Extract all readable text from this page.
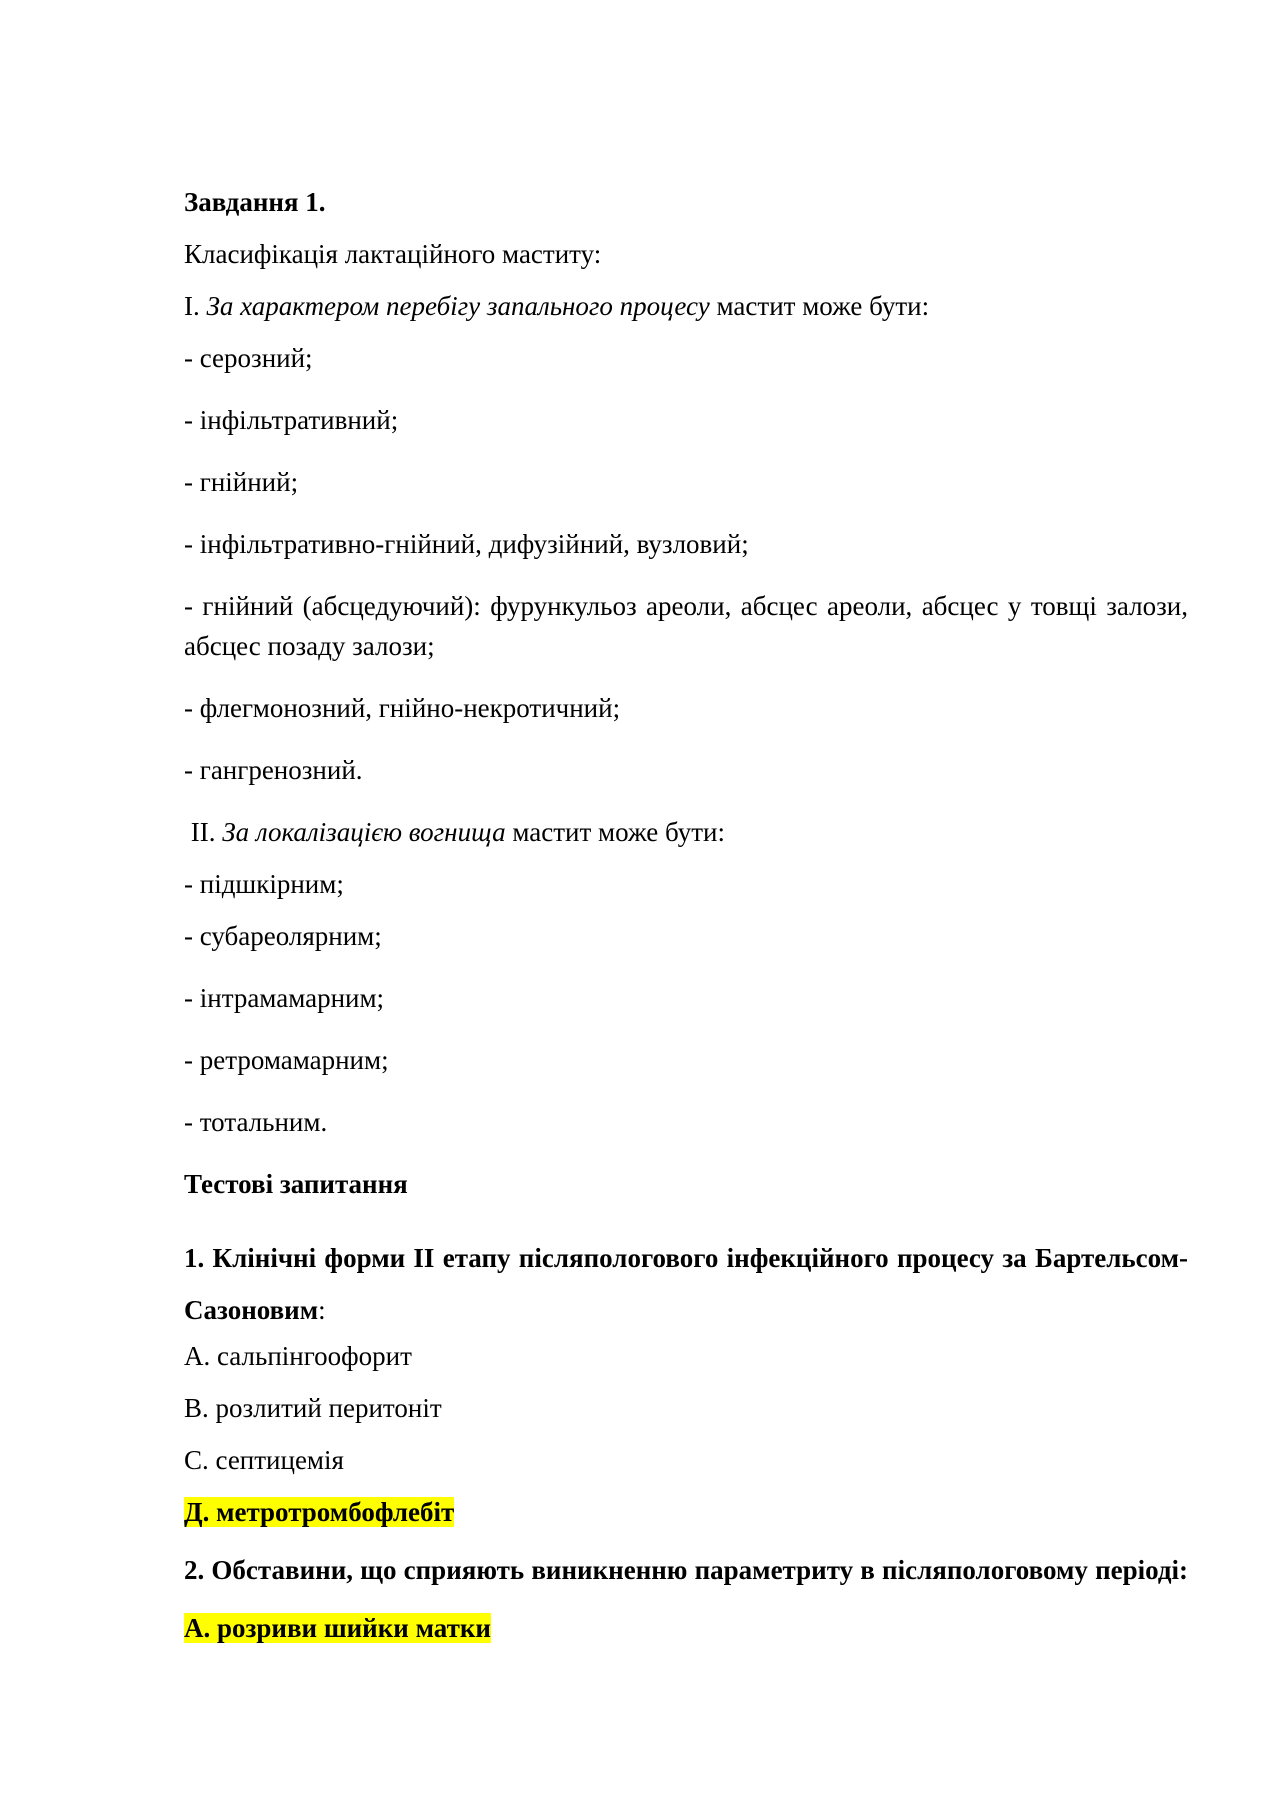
Завдання 1.

Класифікація лактаційного маститу:

I. За характером перебігу запального процесу мастит може бути:

- серозний;

- інфільтративний;

- гнійний;

- інфільтративно-гнійний, дифузійний, вузловий;

- гнійний (абсцедуючий): фурункульоз ареоли, абсцес ареоли, абсцес у товщі залози, абсцес позаду залози;

- флегмонозний, гнійно-некротичний;

- гангренозний.

II. За локалізацією вогнища мастит може бути:

- підшкірним;

- субареолярним;

- інтрамамарним;

- ретромамарним;

- тотальним.

Тестові запитання

1. Клінічні форми II етапу післяпологового інфекційного процесу за Бартельсом-Сазоновим:

А. сальпінгоофорит

В. розлитий перитоніт

С. септицемія

Д. метротромбофлебіт

2. Обставини, що сприяють виникненню параметриту в післяпологовому періоді:

А. розриви шийки матки
